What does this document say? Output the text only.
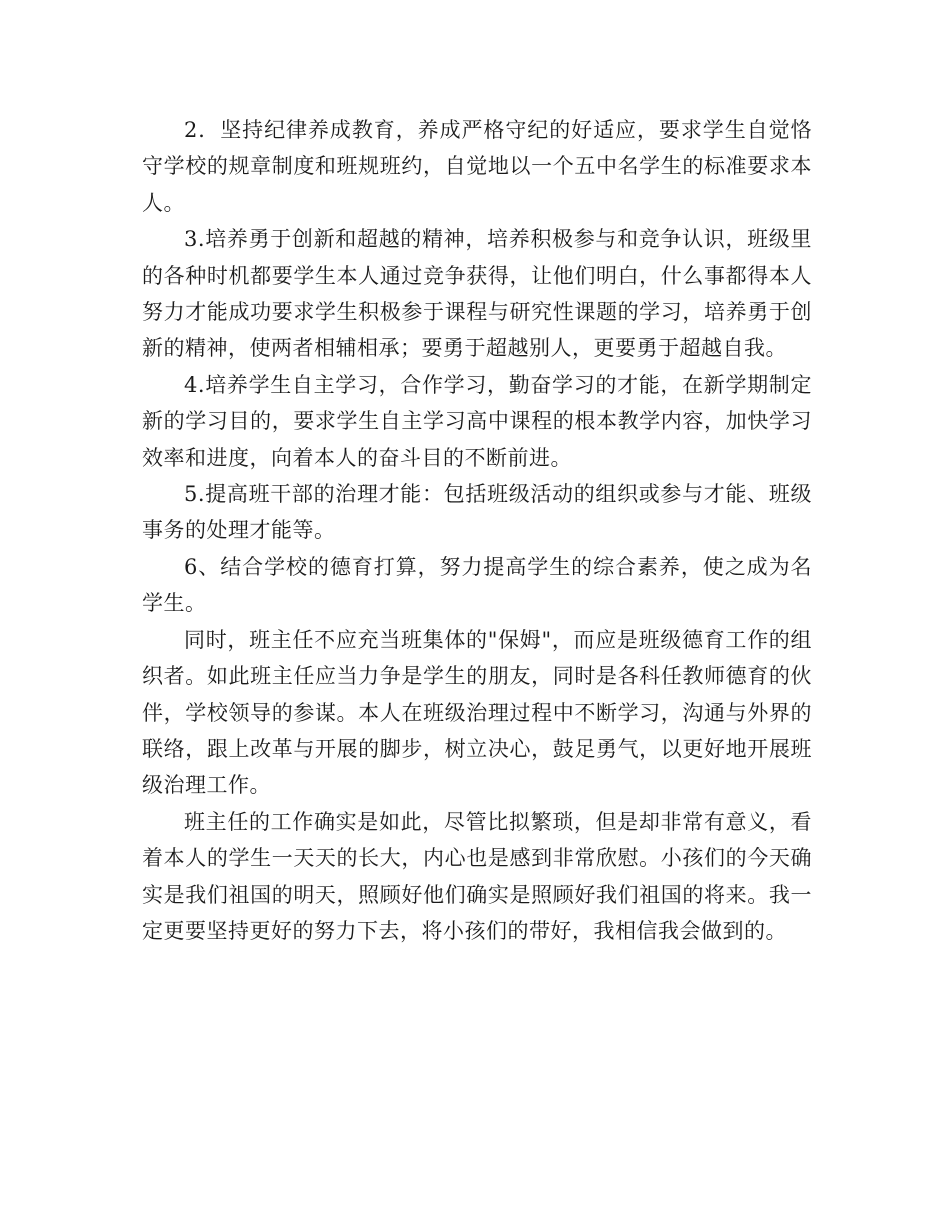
2．坚持纪律养成教育，养成严格守纪的好适应，要求学生自觉恪守学校的规章制度和班规班约，自觉地以一个五中名学生的标准要求本人。

3.培养勇于创新和超越的精神，培养积极参与和竞争认识，班级里的各种时机都要学生本人通过竞争获得，让他们明白，什么事都得本人努力才能成功要求学生积极参于课程与研究性课题的学习，培养勇于创新的精神，使两者相辅相承；要勇于超越别人，更要勇于超越自我。

4.培养学生自主学习，合作学习，勤奋学习的才能，在新学期制定新的学习目的，要求学生自主学习高中课程的根本教学内容，加快学习效率和进度，向着本人的奋斗目的不断前进。

5.提高班干部的治理才能：包括班级活动的组织或参与才能、班级事务的处理才能等。

6、结合学校的德育打算，努力提高学生的综合素养，使之成为名学生。

同时，班主任不应充当班集体的"保姆"，而应是班级德育工作的组织者。如此班主任应当力争是学生的朋友，同时是各科任教师德育的伙伴，学校领导的参谋。本人在班级治理过程中不断学习，沟通与外界的联络，跟上改革与开展的脚步，树立决心，鼓足勇气，以更好地开展班级治理工作。

班主任的工作确实是如此，尽管比拟繁琐，但是却非常有意义，看着本人的学生一天天的长大，内心也是感到非常欣慰。小孩们的今天确实是我们祖国的明天，照顾好他们确实是照顾好我们祖国的将来。我一定更要坚持更好的努力下去，将小孩们的带好，我相信我会做到的。
